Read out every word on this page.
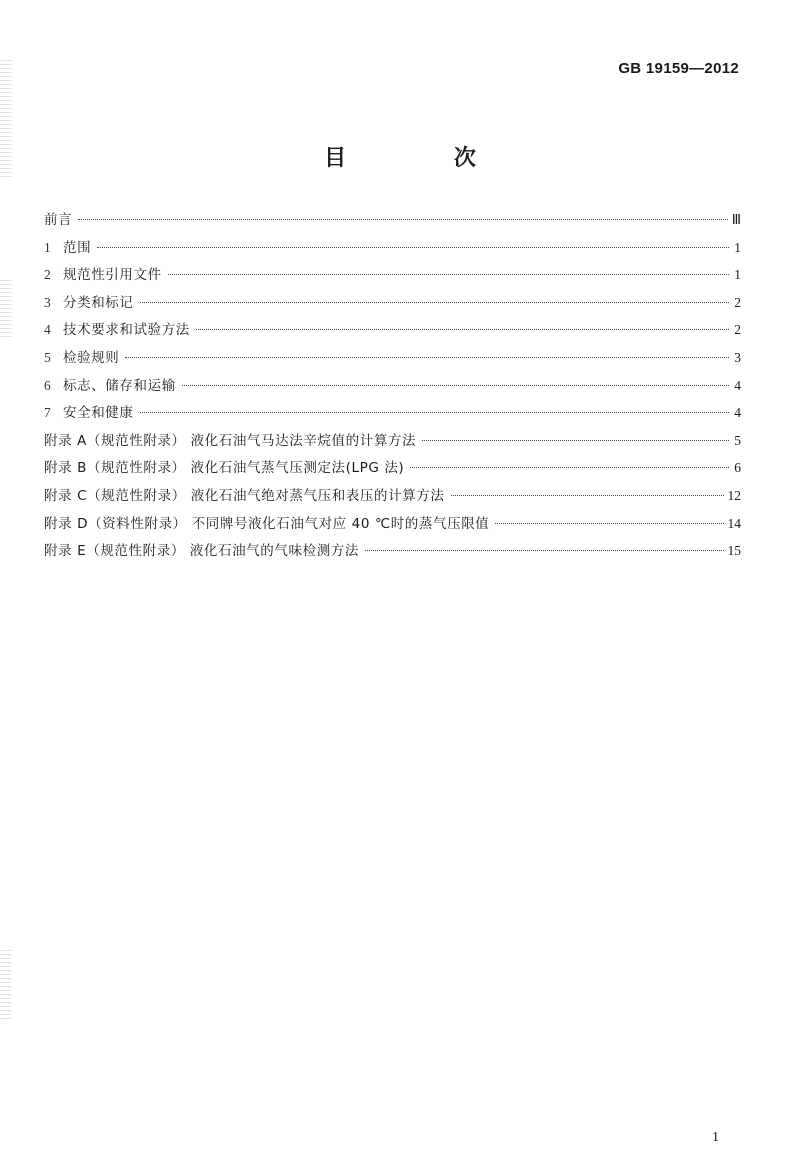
GB 19159—2012
目 次
前言	Ⅲ
1 范围	1
2 规范性引用文件	1
3 分类和标记	2
4 技术要求和试验方法	2
5 检验规则	3
6 标志、储存和运输	4
7 安全和健康	4
附录 A（规范性附录） 液化石油气马达法辛烷值的计算方法	5
附录 B（规范性附录） 液化石油气蒸气压测定法(LPG 法)	6
附录 C（规范性附录） 液化石油气绝对蒸气压和表压的计算方法	12
附录 D（资料性附录） 不同牌号液化石油气对应 40 ℃时的蒸气压限值	14
附录 E（规范性附录） 液化石油气的气味检测方法	15
1
